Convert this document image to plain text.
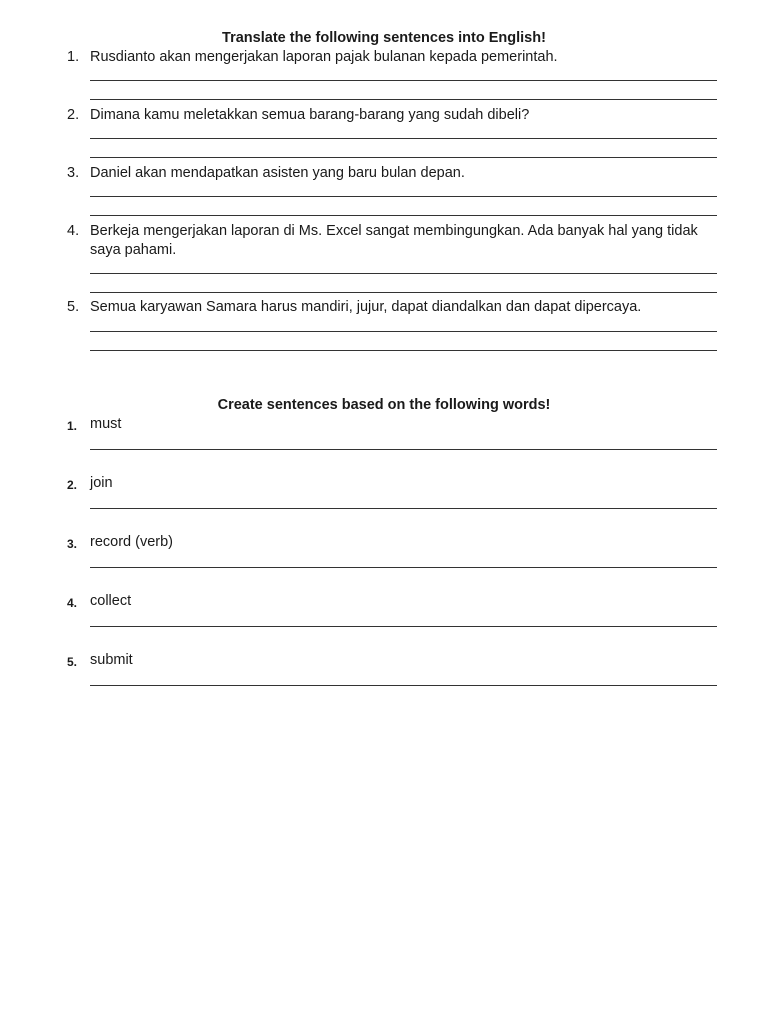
Translate the following sentences into English!
1. Rusdianto akan mengerjakan laporan pajak bulanan kepada pemerintah.
2. Dimana kamu meletakkan semua barang-barang yang sudah dibeli?
3. Daniel akan mendapatkan asisten yang baru bulan depan.
4. Berkeja mengerjakan laporan di Ms. Excel sangat membingungkan. Ada banyak hal yang tidak saya pahami.
5. Semua karyawan Samara harus mandiri, jujur, dapat diandalkan dan dapat dipercaya.
Create sentences based on the following words!
1. must
2. join
3. record (verb)
4. collect
5. submit
